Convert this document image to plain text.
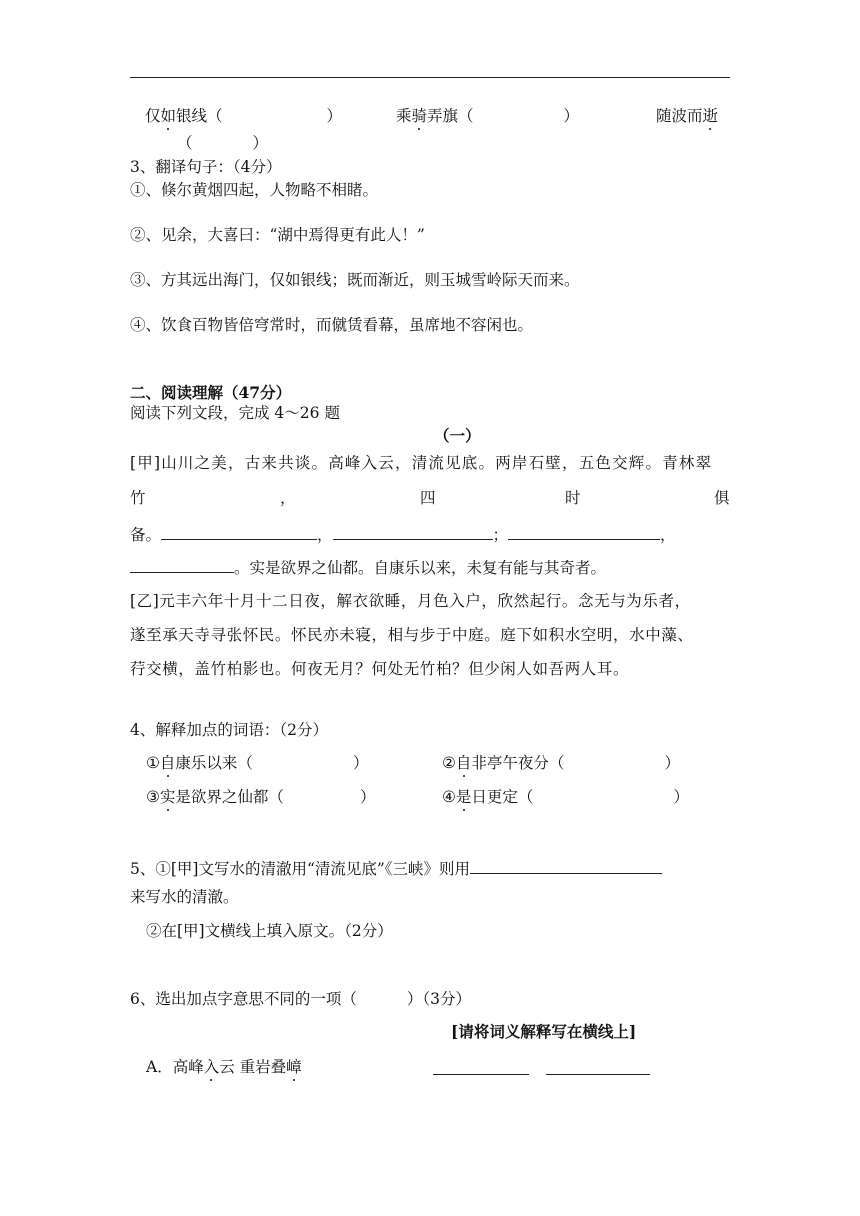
仅如银线（	）	乘骑弄旗（	）	随波而逝
（	）
3、翻译句子：（4分）
①、倏尔黄烟四起，人物略不相睹。
②、见余，大喜曰：“湖中焉得更有此人！”
③、方其远出海门，仅如银线；既而渐近，则玉城雪岭际天而来。
④、饮食百物皆倍穹常时，而僦赁看幕，虽席地不容闲也。
二、阅读理解（47分）
阅读下列文段，完成 4～26 题
（一）
[甲]山川之美，古来共谈。高峰入云，清流见底。两岸石壁，五色交辉。青林翠
竹	，	四	时	俱
备。	，	；	，
。实是欲界之仙都。自康乐以来，未复有能与其奇者。
[乙]元丰六年十月十二日夜，解衣欲睡，月色入户，欣然起行。念无与为乐者，
遂至承天寺寻张怀民。怀民亦未寝，相与步于中庭。庭下如积水空明，水中藻、
荇交横，盖竹柏影也。何夜无月？何处无竹柏？但少闲人如吾两人耳。
4、解释加点的词语：（2分）
①自康乐以来（	）	②自非亭午夜分（	）
③实是欲界之仙都（	）	④是日更定（	）
5、①[甲]文写水的清澈用“清流见底”《三峡》则用
来写水的清澈。
②在[甲]文横线上填入原文。（2分）
6、选出加点字意思不同的一项（	）（3分）
[请将词义解释写在横线上]
A．高峰入云 重岩叠嶂
